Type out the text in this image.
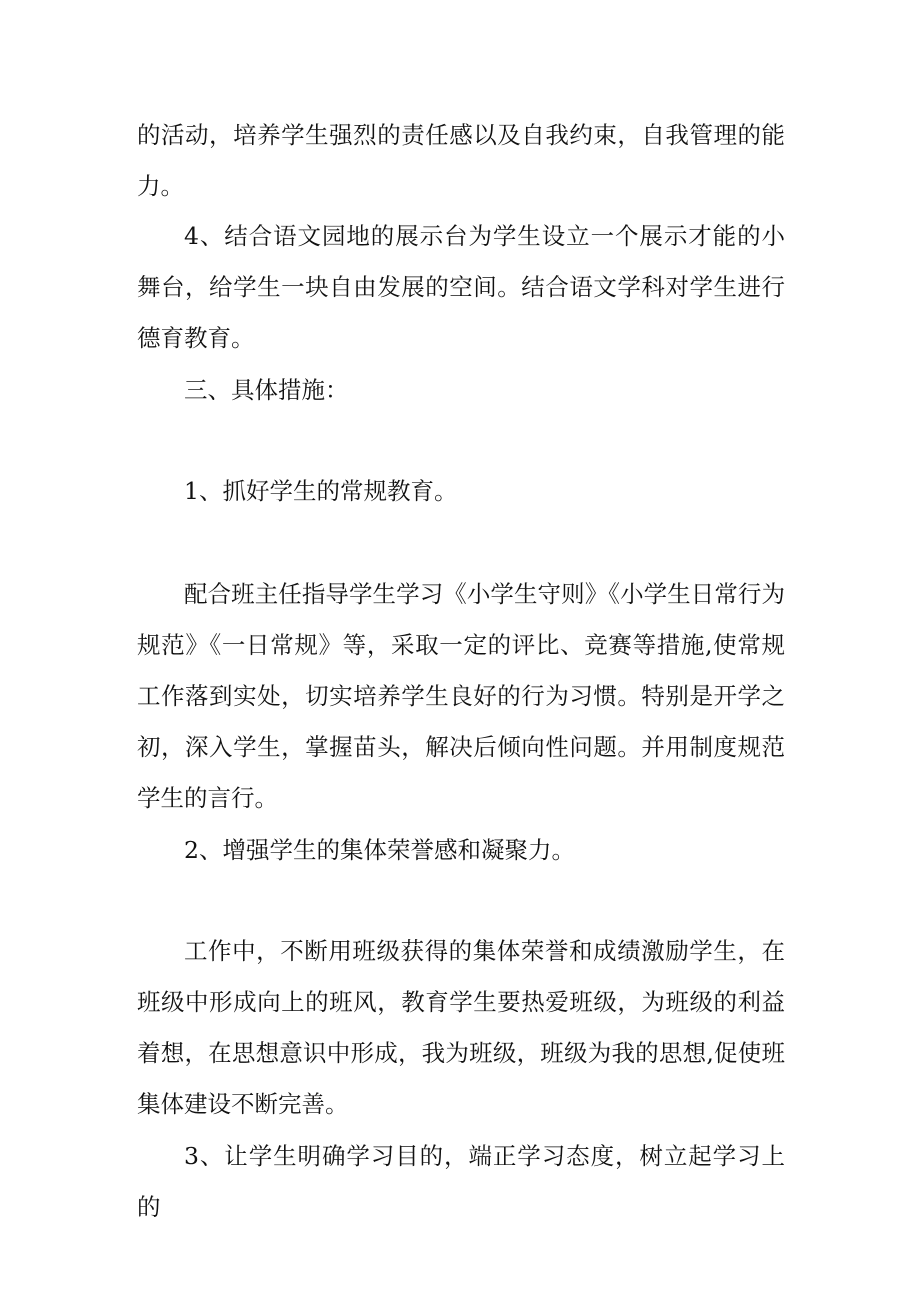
的活动，培养学生强烈的责任感以及自我约束，自我管理的能力。

4、结合语文园地的展示台为学生设立一个展示才能的小舞台，给学生一块自由发展的空间。结合语文学科对学生进行德育教育。

三、具体措施：

1、抓好学生的常规教育。

配合班主任指导学生学习《小学生守则》《小学生日常行为规范》《一日常规》等，采取一定的评比、竞赛等措施,使常规工作落到实处，切实培养学生良好的行为习惯。特别是开学之初，深入学生，掌握苗头，解决后倾向性问题。并用制度规范学生的言行。

2、增强学生的集体荣誉感和凝聚力。

工作中，不断用班级获得的集体荣誉和成绩激励学生，在班级中形成向上的班风，教育学生要热爱班级，为班级的利益着想，在思想意识中形成，我为班级，班级为我的思想,促使班集体建设不断完善。

3、让学生明确学习目的，端正学习态度，树立起学习上的
